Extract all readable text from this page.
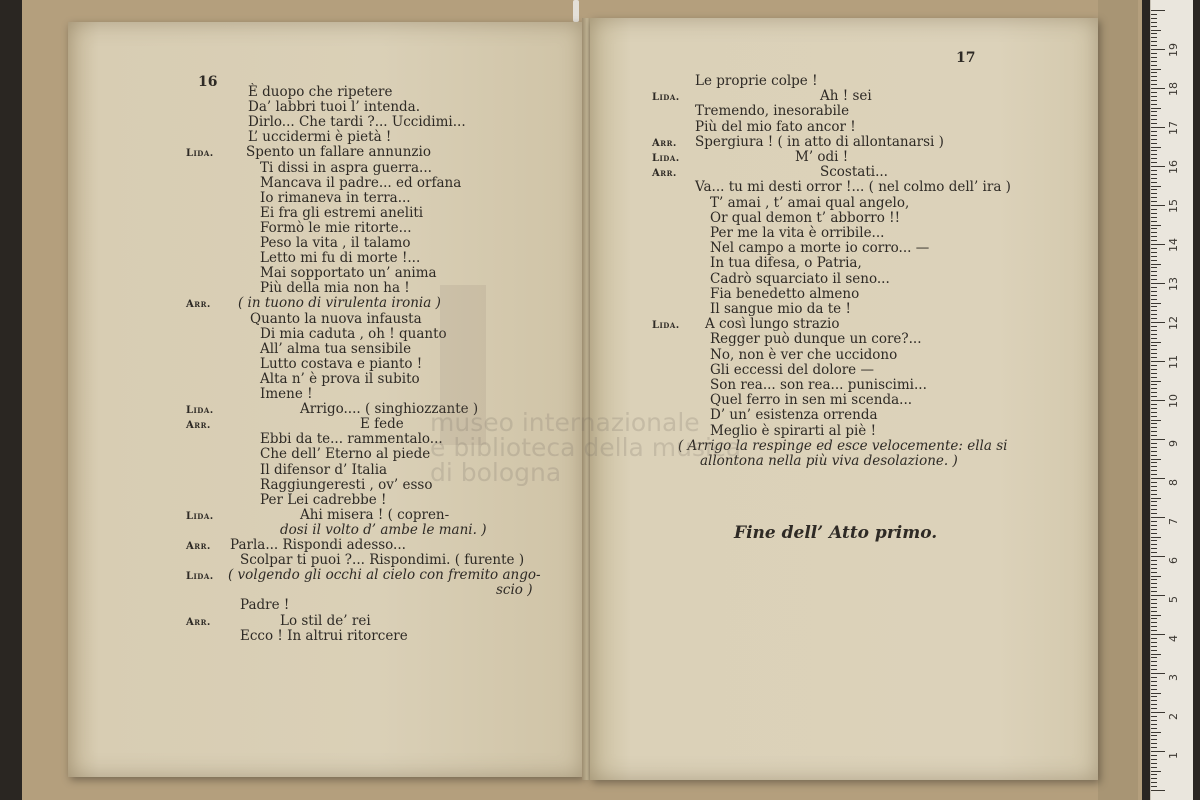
16
È duopo che ripetere
Da’ labbri tuoi l’ intenda.
Dirlo... Che tardi ?... Uccidimi...
L’ uccidermi è pietà !
Lida. Spento un fallare annunzio
Ti dissi in aspra guerra...
Mancava il padre... ed orfana
Io rimaneva in terra...
Ei fra gli estremi aneliti
Formò le mie ritorte...
Peso la vita , il talamo
Letto mi fu di morte !...
Mai sopportato un’ anima
Più della mia non ha !
Arr. ( in tuono di virulenta ironia )
Quanto la nuova infausta
Di mia caduta , oh ! quanto
All’ alma tua sensibile
Lutto costava e pianto !
Alta n’ è prova il subito
Imene !
Lida.	Arrigo.... ( singhiozzante )
Arr.	E fede
Ebbi da te... rammentalo...
Che dell’ Eterno al piede
Il difensor d’ Italia
Raggiungeresti , ov’ esso
Per Lei cadrebbe !
Lida.	Ahi misera ! ( copren-
dosi il volto d’ ambe le mani. )
Arr. Parla... Rispondi adesso...
Scolpar ti puoi ?... Rispondimi. ( furente )
Lida. ( volgendo gli occhi al cielo con fremito ango-
scio )
Padre !
Arr.	Lo stil de’ rei
Ecco ! In altrui ritorcere
17
Le proprie colpe !
Lida.	Ah ! sei
Tremendo, inesorabile
Più del mio fato ancor !
Arr. Spergiura ! ( in atto di allontanarsi )
Lida.	M’ odi !
Arr.	Scostati...
Va... tu mi desti orror !... ( nel colmo dell’ ira )
T’ amai , t’ amai qual angelo,
Or qual demon t’ abborro !!
Per me la vita è orribile...
Nel campo a morte io corro... —
In tua difesa, o Patria,
Cadrò squarciato il seno...
Fia benedetto almeno
Il sangue mio da te !
Lida. A così lungo strazio
Regger può dunque un core?...
No, non è ver che uccidono
Gli eccessi del dolore —
Son rea... son rea... puniscimi...
Quel ferro in sen mi scenda...
D’ un’ esistenza orrenda
Meglio è spirarti al piè !
( Arrigo la respinge ed esce velocemente: ella si
allontona nella più viva desolazione. )
Fine dell’ Atto primo.
museo internazionale
e biblioteca della musica
di bologna
1
2
3
4
5
6
7
8
9
10
11
12
13
14
15
16
17
18
19
